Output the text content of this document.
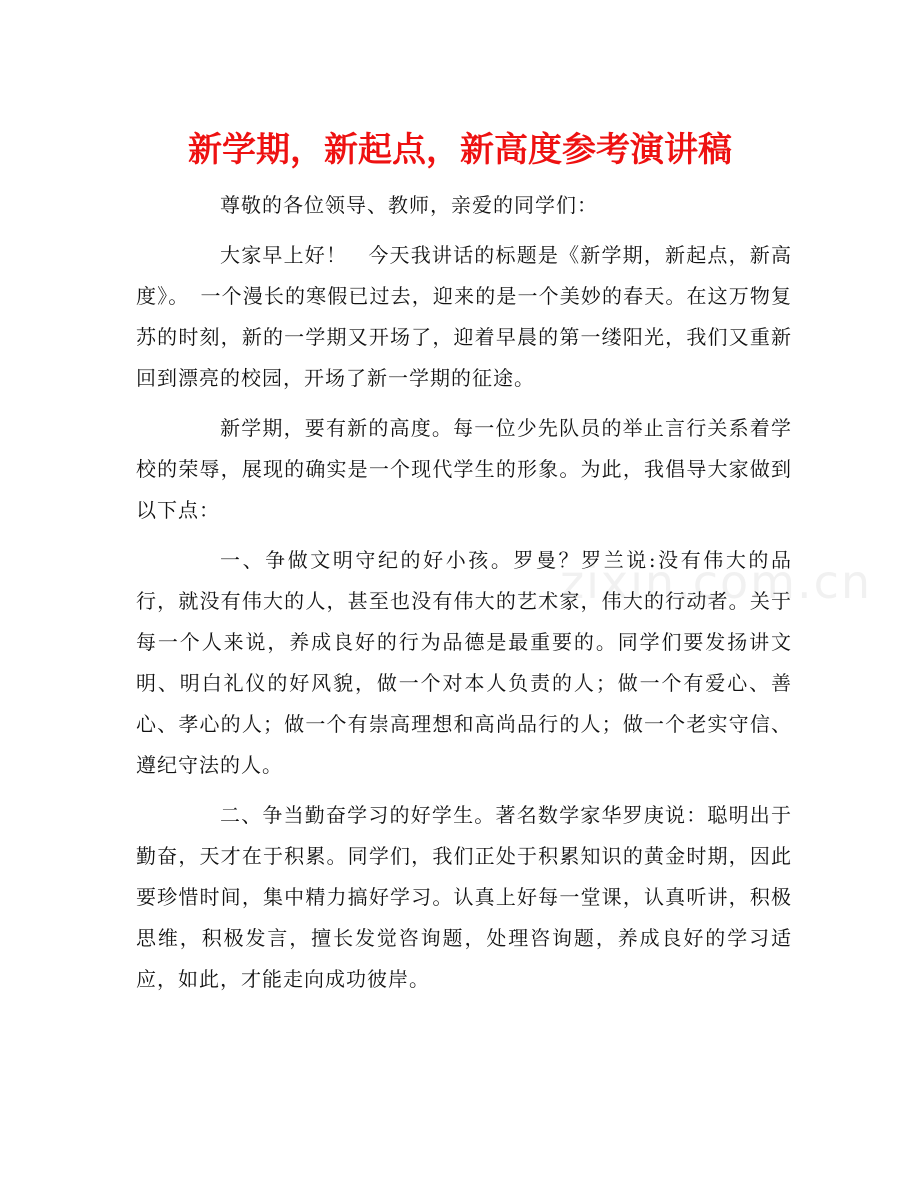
新学期，新起点，新高度参考演讲稿
zixin.com.cn

尊敬的各位领导、教师，亲爱的同学们：

大家早上好！　今天我讲话的标题是《新学期，新起点，新高度》。　一个漫长的寒假已过去，迎来的是一个美妙的春天。在这万物复苏的时刻，新的一学期又开场了，迎着早晨的第一缕阳光，我们又重新回到漂亮的校园，开场了新一学期的征途。

新学期，要有新的高度。每一位少先队员的举止言行关系着学校的荣辱，展现的确实是一个现代学生的形象。为此，我倡导大家做到以下点：

一、争做文明守纪的好小孩。罗曼？罗兰说:没有伟大的品行，就没有伟大的人，甚至也没有伟大的艺术家，伟大的行动者。关于每一个人来说，养成良好的行为品德是最重要的。同学们要发扬讲文明、明白礼仪的好风貌，做一个对本人负责的人；做一个有爱心、善心、孝心的人；做一个有崇高理想和高尚品行的人；做一个老实守信、遵纪守法的人。

二、争当勤奋学习的好学生。著名数学家华罗庚说：聪明出于勤奋，天才在于积累。同学们，我们正处于积累知识的黄金时期，因此要珍惜时间，集中精力搞好学习。认真上好每一堂课，认真听讲，积极思维，积极发言，擅长发觉咨询题，处理咨询题，养成良好的学习适应，如此，才能走向成功彼岸。
